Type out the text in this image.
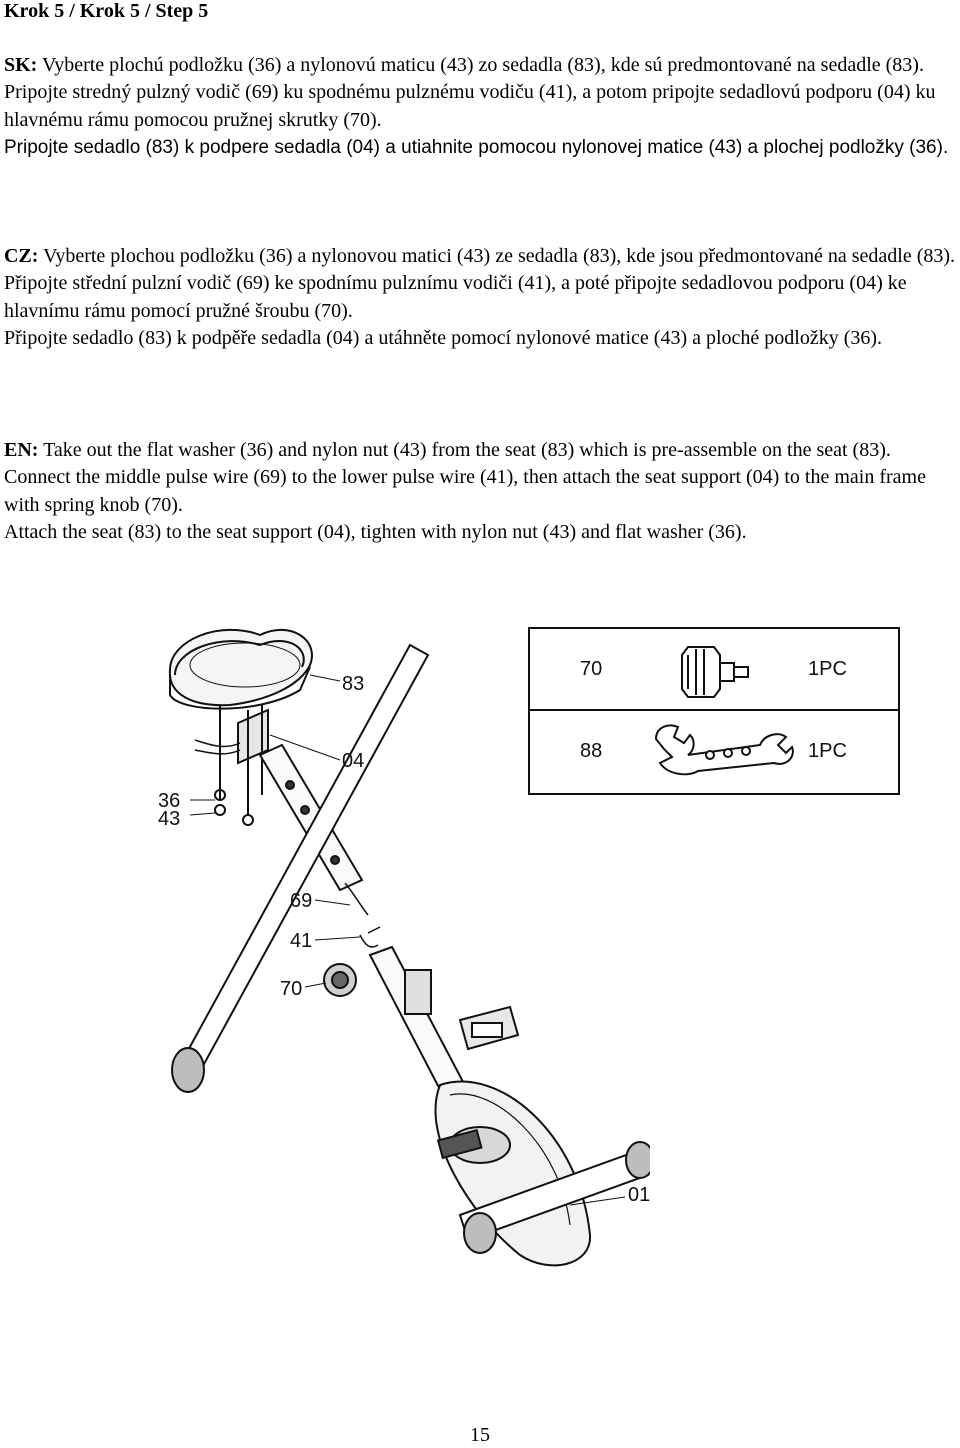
Krok 5 / Krok 5 / Step 5

SK: Vyberte plochú podložku (36) a nylonovú maticu (43) zo sedadla (83), kde sú predmontované na sedadle (83).

Pripojte stredný pulzný vodič (69) ku spodnému pulznému vodiču (41), a potom pripojte sedadlovú podporu (04) ku hlavnému rámu pomocou pružnej skrutky (70).

Pripojte sedadlo (83) k podpere sedadla (04) a utiahnite pomocou nylonovej matice (43) a plochej podložky (36).

CZ: Vyberte plochou podložku (36) a nylonovou matici (43) ze sedadla (83), kde jsou předmontované na sedadle (83).

Připojte střední pulzní vodič (69) ke spodnímu pulznímu vodiči (41), a poté připojte sedadlovou podporu (04) ke hlavnímu rámu pomocí pružné šroubu (70).

Připojte sedadlo (83) k podpěře sedadla (04) a utáhněte pomocí nylonové matice (43) a ploché podložky (36).

EN: Take out the flat washer (36) and nylon nut (43) from the seat (83) which is pre-assemble on the seat (83).

Connect the middle pulse wire (69) to the lower pulse wire (41), then attach the seat support (04) to the main frame with spring knob (70).

Attach the seat (83) to the seat support (04), tighten with nylon nut (43) and flat washer (36).

83
04
36
43
69
41
70
01
70	1PC
88	1PC
15
